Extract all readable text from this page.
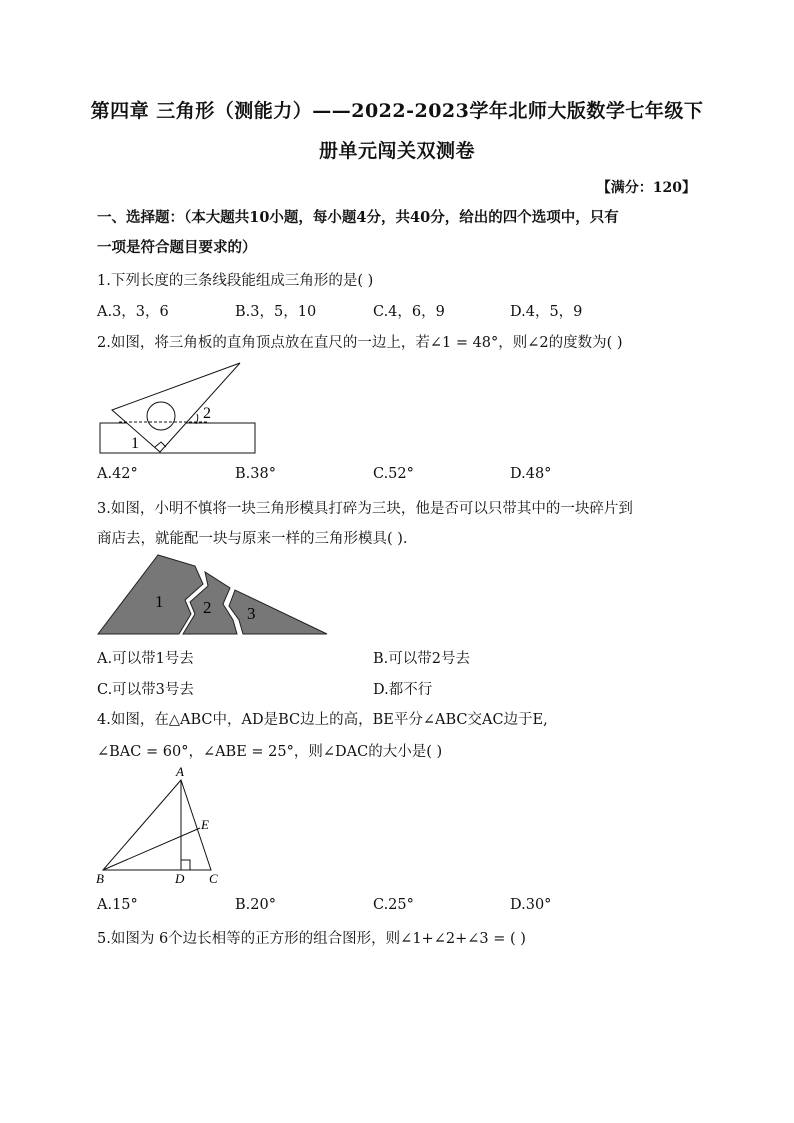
第四章 三角形（测能力）——2022-2023学年北师大版数学七年级下
册单元闯关双测卷
【满分：120】
一、选择题：（本大题共10小题，每小题4分，共40分，给出的四个选项中，只有
一项是符合题目要求的）
1.下列长度的三条线段能组成三角形的是( )
A.3，3，6	B.3，5，10	C.4，6，9	D.4，5，9
2.如图，将三角板的直角顶点放在直尺的一边上，若∠1 = 48°，则∠2的度数为( )
1
2
A.42°	B.38°	C.52°	D.48°
3.如图，小明不慎将一块三角形模具打碎为三块，他是否可以只带其中的一块碎片到
商店去，就能配一块与原来一样的三角形模具( ).
1 2 3
A.可以带1号去	B.可以带2号去
C.可以带3号去	D.都不行
4.如图，在△ABC中，AD是BC边上的高，BE平分∠ABC交AC边于E,
∠BAC = 60°，∠ABE = 25°，则∠DAC的大小是( )
A
B	C
D
E
A.15°	B.20°	C.25°	D.30°
5.如图为 6个边长相等的正方形的组合图形，则∠1+∠2+∠3 = ( )
